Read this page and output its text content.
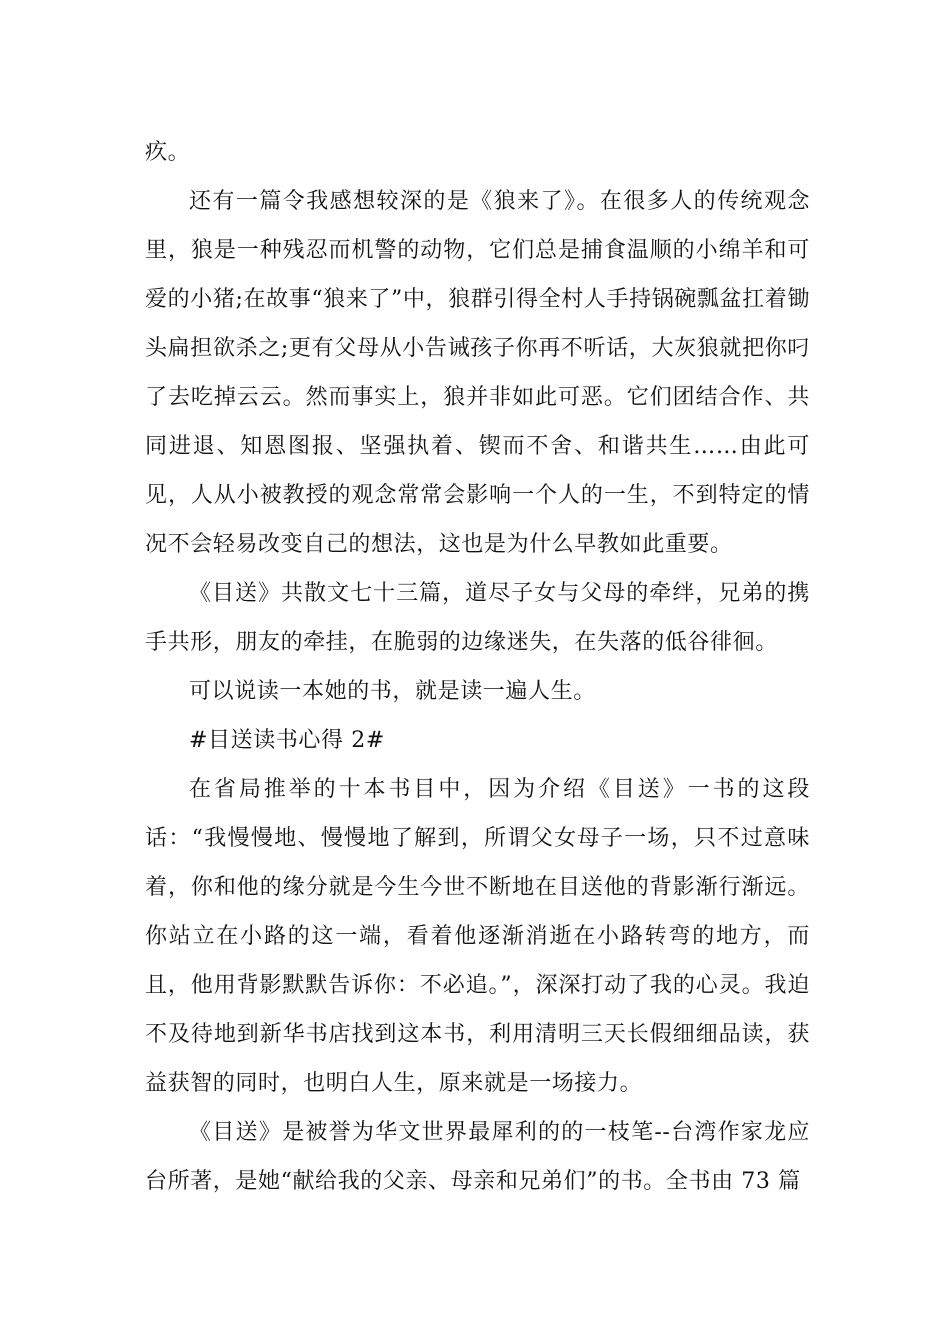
疚。

还有一篇令我感想较深的是《狼来了》。在很多人的传统观念里，狼是一种残忍而机警的动物，它们总是捕食温顺的小绵羊和可爱的小猪;在故事“狼来了”中，狼群引得全村人手持锅碗瓢盆扛着锄头扁担欲杀之;更有父母从小告诫孩子你再不听话，大灰狼就把你叼了去吃掉云云。然而事实上，狼并非如此可恶。它们团结合作、共同进退、知恩图报、坚强执着、锲而不舍、和谐共生……由此可见，人从小被教授的观念常常会影响一个人的一生，不到特定的情况不会轻易改变自己的想法，这也是为什么早教如此重要。

《目送》共散文七十三篇，道尽子女与父母的牵绊，兄弟的携手共形，朋友的牵挂，在脆弱的边缘迷失，在失落的低谷徘徊。

可以说读一本她的书，就是读一遍人生。

#目送读书心得 2#

在省局推举的十本书目中，因为介绍《目送》一书的这段话：“我慢慢地、慢慢地了解到，所谓父女母子一场，只不过意味着，你和他的缘分就是今生今世不断地在目送他的背影渐行渐远。你站立在小路的这一端，看着他逐渐消逝在小路转弯的地方，而且，他用背影默默告诉你：不必追。”，深深打动了我的心灵。我迫不及待地到新华书店找到这本书，利用清明三天长假细细品读，获益获智的同时，也明白人生，原来就是一场接力。

《目送》是被誉为华文世界最犀利的的一枝笔--台湾作家龙应台所著，是她“献给我的父亲、母亲和兄弟们”的书。全书由 73 篇
